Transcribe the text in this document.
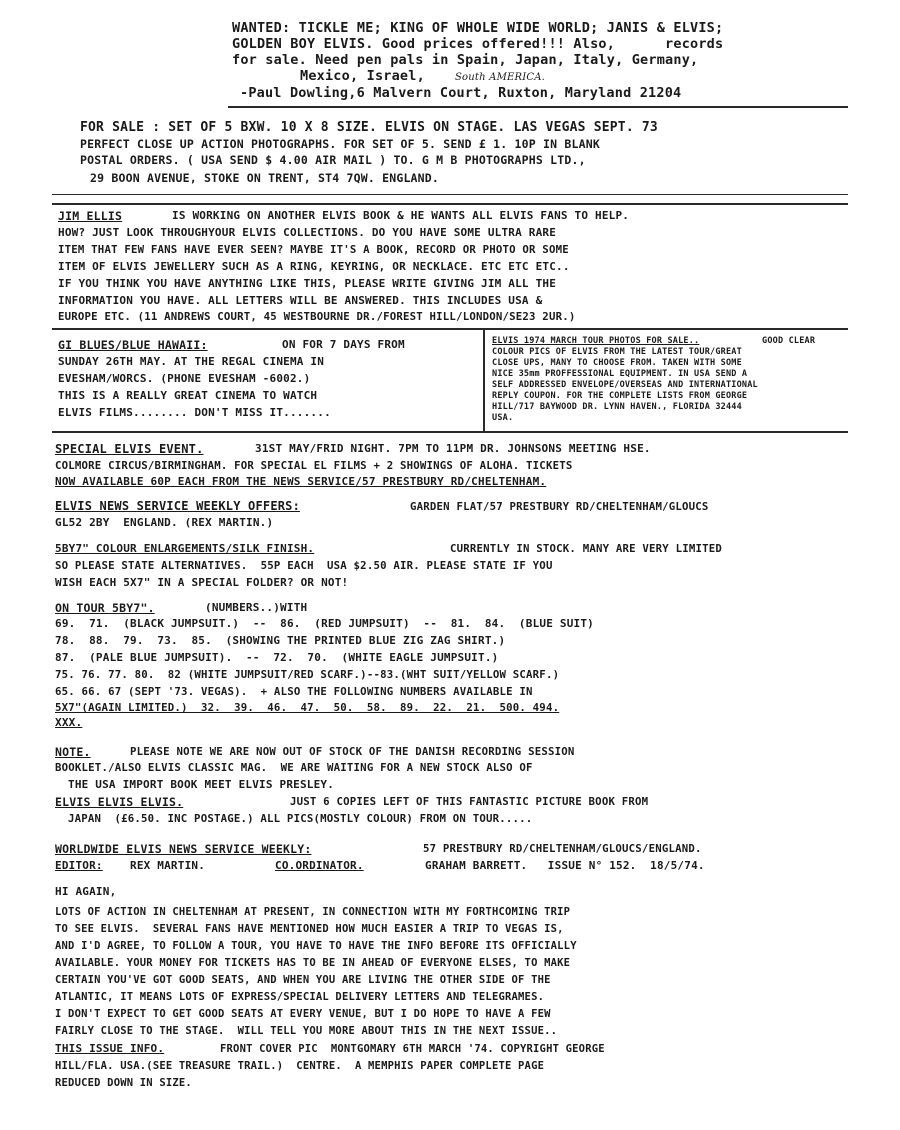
WANTED: TICKLE ME; KING OF WHOLE WIDE WORLD; JANIS & ELVIS;
GOLDEN BOY ELVIS. Good prices offered!!! Also,      records
for sale. Need pen pals in Spain, Japan, Italy, Germany,
Mexico, Israel,	South AMERICA.
-Paul Dowling,6 Malvern Court, Ruxton, Maryland 21204
FOR SALE : SET OF 5 BXW. 10 X 8 SIZE. ELVIS ON STAGE. LAS VEGAS SEPT. 73
PERFECT CLOSE UP ACTION PHOTOGRAPHS. FOR SET OF 5. SEND £ 1. 10P IN BLANK
POSTAL ORDERS. ( USA SEND $ 4.00 AIR MAIL ) TO. G M B PHOTOGRAPHS LTD.,
29 BOON AVENUE, STOKE ON TRENT, ST4 7QW. ENGLAND.
JIM ELLIS	IS WORKING ON ANOTHER ELVIS BOOK & HE WANTS ALL ELVIS FANS TO HELP.
HOW? JUST LOOK THROUGHYOUR ELVIS COLLECTIONS. DO YOU HAVE SOME ULTRA RARE
ITEM THAT FEW FANS HAVE EVER SEEN? MAYBE IT'S A BOOK, RECORD OR PHOTO OR SOME
ITEM OF ELVIS JEWELLERY SUCH AS A RING, KEYRING, OR NECKLACE. ETC ETC ETC..
IF YOU THINK YOU HAVE ANYTHING LIKE THIS, PLEASE WRITE GIVING JIM ALL THE
INFORMATION YOU HAVE. ALL LETTERS WILL BE ANSWERED. THIS INCLUDES USA &
EUROPE ETC. (11 ANDREWS COURT, 45 WESTBOURNE DR./FOREST HILL/LONDON/SE23 2UR.)
GI BLUES/BLUE HAWAII:	ON FOR 7 DAYS FROM
SUNDAY 26TH MAY. AT THE REGAL CINEMA IN
EVESHAM/WORCS. (PHONE EVESHAM -6002.)
THIS IS A REALLY GREAT CINEMA TO WATCH
ELVIS FILMS........ DON'T MISS IT.......
ELVIS 1974 MARCH TOUR PHOTOS FOR SALE..	GOOD CLEAR
COLOUR PICS OF ELVIS FROM THE LATEST TOUR/GREAT
CLOSE UPS, MANY TO CHOOSE FROM. TAKEN WITH SOME
NICE 35mm PROFFESSIONAL EQUIPMENT. IN USA SEND A
SELF ADDRESSED ENVELOPE/OVERSEAS AND INTERNATIONAL
REPLY COUPON. FOR THE COMPLETE LISTS FROM GEORGE
HILL/717 BAYWOOD DR. LYNN HAVEN., FLORIDA 32444
USA.
SPECIAL ELVIS EVENT.	31ST MAY/FRID NIGHT. 7PM TO 11PM DR. JOHNSONS MEETING HSE.
COLMORE CIRCUS/BIRMINGHAM. FOR SPECIAL EL FILMS + 2 SHOWINGS OF ALOHA. TICKETS
NOW AVAILABLE 60P EACH FROM THE NEWS SERVICE/57 PRESTBURY RD/CHELTENHAM.
ELVIS NEWS SERVICE WEEKLY OFFERS:	GARDEN FLAT/57 PRESTBURY RD/CHELTENHAM/GLOUCS
GL52 2BY  ENGLAND. (REX MARTIN.)
5BY7" COLOUR ENLARGEMENTS/SILK FINISH.	CURRENTLY IN STOCK. MANY ARE VERY LIMITED
SO PLEASE STATE ALTERNATIVES.  55P EACH  USA $2.50 AIR. PLEASE STATE IF YOU
WISH EACH 5X7" IN A SPECIAL FOLDER? OR NOT!
ON TOUR 5BY7".	(NUMBERS..)WITH
69.  71.  (BLACK JUMPSUIT.)  --  86.  (RED JUMPSUIT)  --  81.  84.  (BLUE SUIT)
78.  88.  79.  73.  85.  (SHOWING THE PRINTED BLUE ZIG ZAG SHIRT.)
87.  (PALE BLUE JUMPSUIT).  --  72.  70.  (WHITE EAGLE JUMPSUIT.)
75. 76. 77. 80.  82 (WHITE JUMPSUIT/RED SCARF.)--83.(WHT SUIT/YELLOW SCARF.)
65. 66. 67 (SEPT '73. VEGAS).  + ALSO THE FOLLOWING NUMBERS AVAILABLE IN
5X7"(AGAIN LIMITED.)  32.  39.  46.  47.  50.  58.  89.  22.  21.  500. 494.
XXX.
NOTE.	PLEASE NOTE WE ARE NOW OUT OF STOCK OF THE DANISH RECORDING SESSION
BOOKLET./ALSO ELVIS CLASSIC MAG.  WE ARE WAITING FOR A NEW STOCK ALSO OF
THE USA IMPORT BOOK MEET ELVIS PRESLEY.
ELVIS ELVIS ELVIS.	JUST 6 COPIES LEFT OF THIS FANTASTIC PICTURE BOOK FROM
JAPAN  (£6.50. INC POSTAGE.) ALL PICS(MOSTLY COLOUR) FROM ON TOUR.....
WORLDWIDE ELVIS NEWS SERVICE WEEKLY:	57 PRESTBURY RD/CHELTENHAM/GLOUCS/ENGLAND.
EDITOR: REX MARTIN.	CO.ORDINATOR.	GRAHAM BARRETT.   ISSUE N° 152.  18/5/74.
HI AGAIN,
LOTS OF ACTION IN CHELTENHAM AT PRESENT, IN CONNECTION WITH MY FORTHCOMING TRIP
TO SEE ELVIS.  SEVERAL FANS HAVE MENTIONED HOW MUCH EASIER A TRIP TO VEGAS IS,
AND I'D AGREE, TO FOLLOW A TOUR, YOU HAVE TO HAVE THE INFO BEFORE ITS OFFICIALLY
AVAILABLE. YOUR MONEY FOR TICKETS HAS TO BE IN AHEAD OF EVERYONE ELSES, TO MAKE
CERTAIN YOU'VE GOT GOOD SEATS, AND WHEN YOU ARE LIVING THE OTHER SIDE OF THE
ATLANTIC, IT MEANS LOTS OF EXPRESS/SPECIAL DELIVERY LETTERS AND TELEGRAMES.
I DON'T EXPECT TO GET GOOD SEATS AT EVERY VENUE, BUT I DO HOPE TO HAVE A FEW
FAIRLY CLOSE TO THE STAGE.  WILL TELL YOU MORE ABOUT THIS IN THE NEXT ISSUE..
THIS ISSUE INFO.	FRONT COVER PIC  MONTGOMARY 6TH MARCH '74. COPYRIGHT GEORGE
HILL/FLA. USA.(SEE TREASURE TRAIL.)  CENTRE.  A MEMPHIS PAPER COMPLETE PAGE
REDUCED DOWN IN SIZE.
